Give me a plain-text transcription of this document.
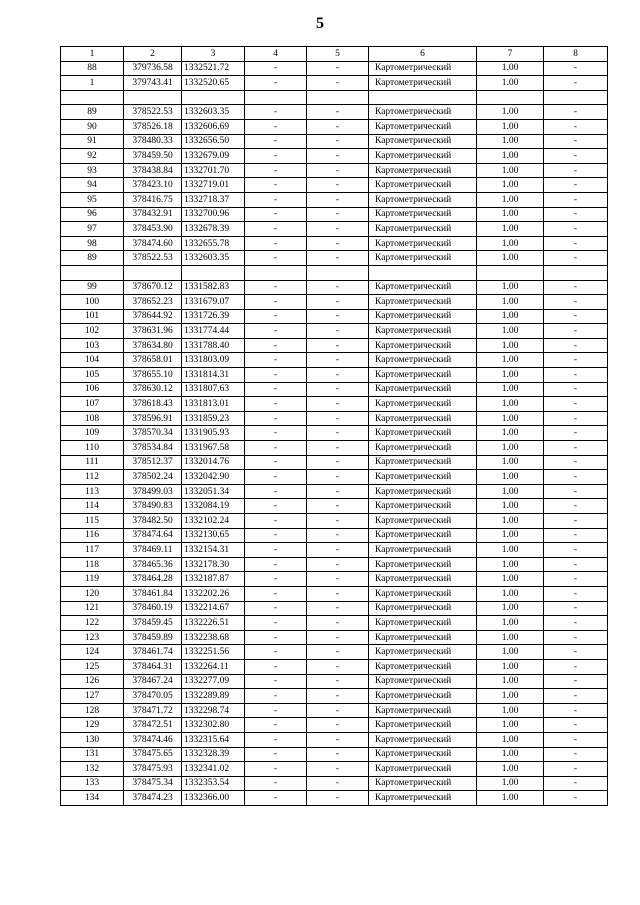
5
1	2	3	4	5	6	7	8
88	379736.58	1332521.72	-	-	Картометрический	1.00	-
1	379743.41	1332520.65	-	-	Картометрический	1.00	-

89	378522.53	1332603.35	-	-	Картометрический	1.00	-
90	378526.18	1332606.69	-	-	Картометрический	1.00	-
91	378480.33	1332656.50	-	-	Картометрический	1.00	-
92	378459.50	1332679.09	-	-	Картометрический	1.00	-
93	378438.84	1332701.70	-	-	Картометрический	1.00	-
94	378423.10	1332719.01	-	-	Картометрический	1.00	-
95	378416.75	1332718.37	-	-	Картометрический	1.00	-
96	378432.91	1332700.96	-	-	Картометрический	1.00	-
97	378453.90	1332678.39	-	-	Картометрический	1.00	-
98	378474.60	1332655.78	-	-	Картометрический	1.00	-
89	378522.53	1332603.35	-	-	Картометрический	1.00	-

99	378670.12	1331582.83	-	-	Картометрический	1.00	-
100	378652.23	1331679.07	-	-	Картометрический	1.00	-
101	378644.92	1331726.39	-	-	Картометрический	1.00	-
102	378631.96	1331774.44	-	-	Картометрический	1.00	-
103	378634.80	1331788.40	-	-	Картометрический	1.00	-
104	378658.01	1331803.09	-	-	Картометрический	1.00	-
105	378655.10	1331814.31	-	-	Картометрический	1.00	-
106	378630.12	1331807.63	-	-	Картометрический	1.00	-
107	378618.43	1331813.01	-	-	Картометрический	1.00	-
108	378596.91	1331859.23	-	-	Картометрический	1.00	-
109	378570.34	1331905.93	-	-	Картометрический	1.00	-
110	378534.84	1331967.58	-	-	Картометрический	1.00	-
111	378512.37	1332014.76	-	-	Картометрический	1.00	-
112	378502.24	1332042.90	-	-	Картометрический	1.00	-
113	378499.03	1332051.34	-	-	Картометрический	1.00	-
114	378490.83	1332084.19	-	-	Картометрический	1.00	-
115	378482.50	1332102.24	-	-	Картометрический	1.00	-
116	378474.64	1332130.65	-	-	Картометрический	1.00	-
117	378469.11	1332154.31	-	-	Картометрический	1.00	-
118	378465.36	1332178.30	-	-	Картометрический	1.00	-
119	378464.28	1332187.87	-	-	Картометрический	1.00	-
120	378461.84	1332202.26	-	-	Картометрический	1.00	-
121	378460.19	1332214.67	-	-	Картометрический	1.00	-
122	378459.45	1332226.51	-	-	Картометрический	1.00	-
123	378459.89	1332238.68	-	-	Картометрический	1.00	-
124	378461.74	1332251.56	-	-	Картометрический	1.00	-
125	378464.31	1332264.11	-	-	Картометрический	1.00	-
126	378467.24	1332277.09	-	-	Картометрический	1.00	-
127	378470.05	1332289.89	-	-	Картометрический	1.00	-
128	378471.72	1332298.74	-	-	Картометрический	1.00	-
129	378472.51	1332302.80	-	-	Картометрический	1.00	-
130	378474.46	1332315.64	-	-	Картометрический	1.00	-
131	378475.65	1332328.39	-	-	Картометрический	1.00	-
132	378475.93	1332341.02	-	-	Картометрический	1.00	-
133	378475.34	1332353.54	-	-	Картометрический	1.00	-
134	378474.23	1332366.00	-	-	Картометрический	1.00	-
